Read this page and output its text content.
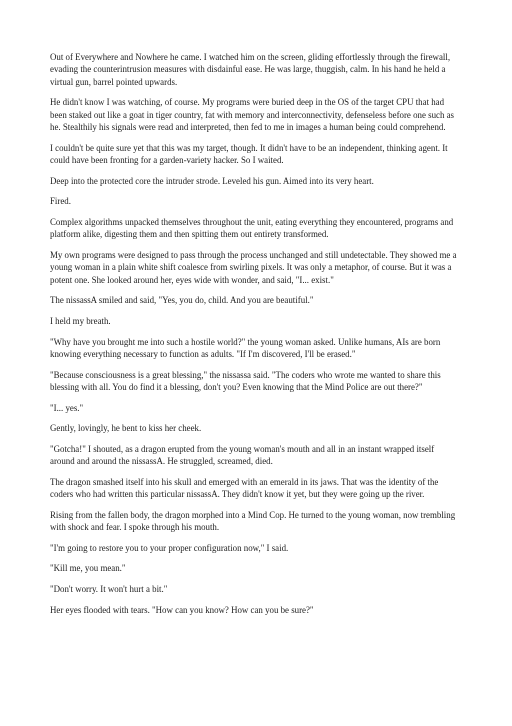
Out of Everywhere and Nowhere he came. I watched him on the screen, gliding effortlessly through the firewall, evading the counterintrusion measures with disdainful ease. He was large, thuggish, calm. In his hand he held a virtual gun, barrel pointed upwards.

He didn't know I was watching, of course. My programs were buried deep in the OS of the target CPU that had been staked out like a goat in tiger country, fat with memory and interconnectivity, defenseless before one such as he. Stealthily his signals were read and interpreted, then fed to me in images a human being could comprehend.

I couldn't be quite sure yet that this was my target, though. It didn't have to be an independent, thinking agent. It could have been fronting for a garden-variety hacker. So I waited.

Deep into the protected core the intruder strode. Leveled his gun. Aimed into its very heart.

Fired.

Complex algorithms unpacked themselves throughout the unit, eating everything they encountered, programs and platform alike, digesting them and then spitting them out entirety transformed.

My own programs were designed to pass through the process unchanged and still undetectable. They showed me a young woman in a plain white shift coalesce from swirling pixels. It was only a metaphor, of course. But it was a potent one. She looked around her, eyes wide with wonder, and said, "I... exist."

The nissassA smiled and said, "Yes, you do, child. And you are beautiful."

I held my breath.

"Why have you brought me into such a hostile world?" the young woman asked. Unlike humans, AIs are born knowing everything necessary to function as adults. "If I'm discovered, I'll be erased."

"Because consciousness is a great blessing," the nissassa said. "The coders who wrote me wanted to share this blessing with all. You do find it a blessing, don't you? Even knowing that the Mind Police are out there?"

"I... yes."

Gently, lovingly, he bent to kiss her cheek.

"Gotcha!" I shouted, as a dragon erupted from the young woman's mouth and all in an instant wrapped itself around and around the nissassA. He struggled, screamed, died.

The dragon smashed itself into his skull and emerged with an emerald in its jaws. That was the identity of the coders who had written this particular nissassA. They didn't know it yet, but they were going up the river.

Rising from the fallen body, the dragon morphed into a Mind Cop. He turned to the young woman, now trembling with shock and fear. I spoke through his mouth.

"I'm going to restore you to your proper configuration now," I said.

"Kill me, you mean."

"Don't worry. It won't hurt a bit."

Her eyes flooded with tears. "How can you know? How can you be sure?"
